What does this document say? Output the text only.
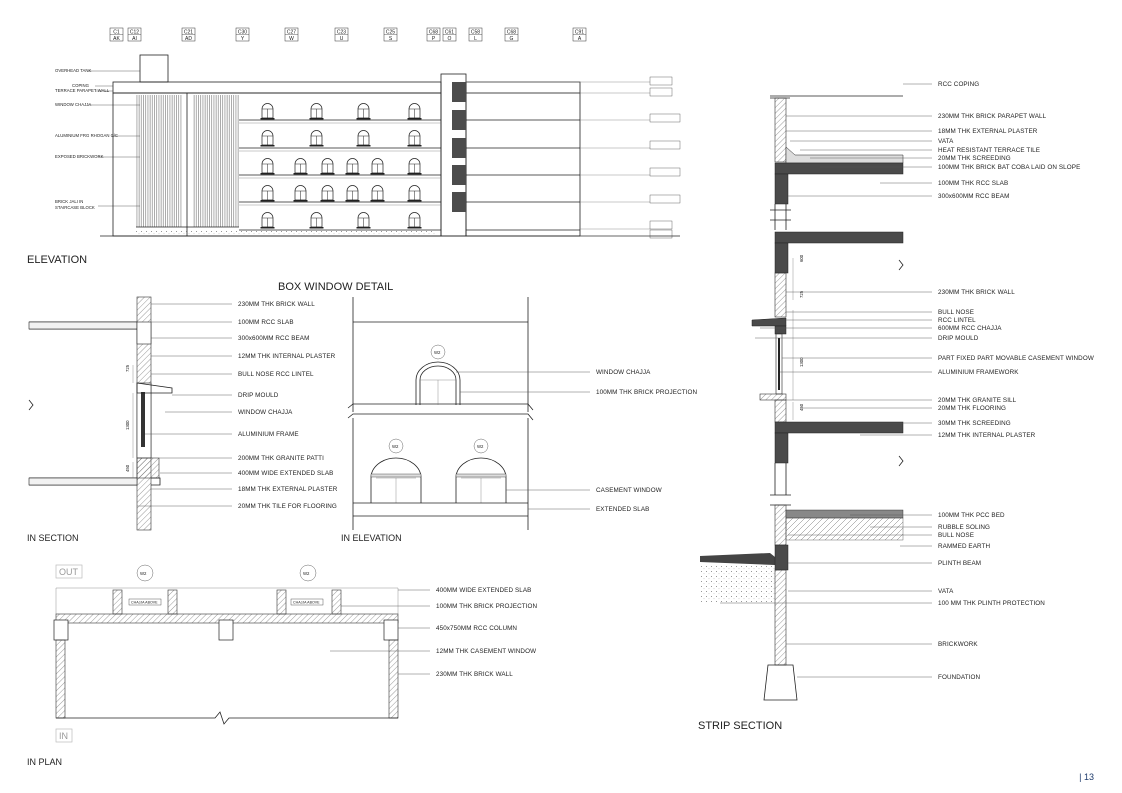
C1
AK
C12
AI
C21
AD
C30
Y
C27
W
C23
U
C25
S
C68
P
C61
O
C58
L
C68
G
C91
A
OVERHEAD TANK
COPING
TERRACE PARAPET WALL
WINDOW CHAJJA
ALUMINIUM FRG RHOGAN C/C
EXPOSED BRICKWORK
BRICK JALI IN
STAIRCASE BLOCK
ELEVATION
BOX WINDOW DETAIL
725
1300
450
230MM THK BRICK WALL
100MM RCC SLAB
300x600MM RCC BEAM
12MM THK INTERNAL PLASTER
BULL NOSE RCC LINTEL
DRIP MOULD
WINDOW CHAJJA
ALUMINIUM FRAME
200MM THK GRANITE PATTI
400MM WIDE EXTENDED SLAB
18MM THK EXTERNAL PLASTER
20MM THK TILE FOR FLOORING
IN SECTION
W2
W2	W2
WINDOW CHAJJA
100MM THK BRICK PROJECTION
CASEMENT WINDOW
EXTENDED SLAB
IN ELEVATION
OUT	W2	W2
CHAJJA ABOVE	CHAJJA ABOVE
IN
400MM WIDE EXTENDED SLAB
100MM THK BRICK PROJECTION
450x750MM RCC COLUMN
12MM THK CASEMENT WINDOW
230MM THK BRICK WALL
IN PLAN
600
725
1300
450
RCC COPING
230MM THK BRICK PARAPET WALL
18MM THK EXTERNAL PLASTER
VATA
HEAT RESISTANT TERRACE TILE
20MM THK SCREEDING
100MM THK BRICK BAT COBA LAID ON SLOPE
100MM THK RCC SLAB
300x600MM RCC BEAM
230MM THK BRICK WALL
BULL NOSE
RCC LINTEL
600MM RCC CHAJJA
DRIP MOULD
PART FIXED PART MOVABLE CASEMENT WINDOW
ALUMINIUM FRAMEWORK
20MM THK GRANITE SILL
20MM THK FLOORING
30MM THK SCREEDING
12MM THK INTERNAL PLASTER
100MM THK PCC BED
RUBBLE SOLING
BULL NOSE
RAMMED EARTH
PLINTH BEAM
VATA
100 MM THK PLINTH PROTECTION
BRICKWORK
FOUNDATION
STRIP SECTION
| 13
